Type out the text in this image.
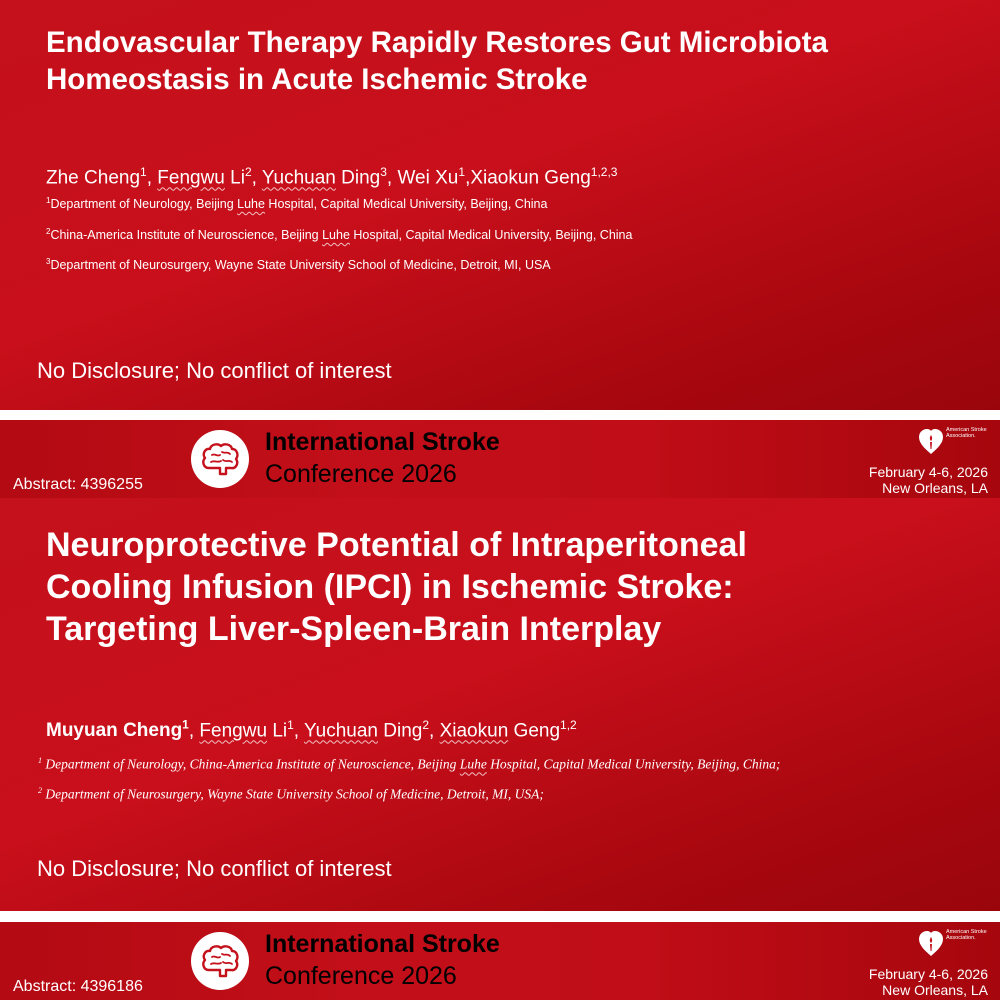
Endovascular Therapy Rapidly Restores Gut Microbiota
Homeostasis in Acute Ischemic Stroke
Zhe Cheng$^1$, Fengwu Li$^2$, Yuchuan Ding$^3$, Wei Xu$^1$,Xiaokun Geng$^{1,2,3}$
$^1$Department of Neurology, Beijing Luhe Hospital, Capital Medical University, Beijing, China
$^2$China-America Institute of Neuroscience, Beijing Luhe Hospital, Capital Medical University, Beijing, China
$^3$Department of Neurosurgery, Wayne State University School of Medicine, Detroit, MI, USA
No Disclosure; No conflict of interest
International Stroke
Conference 2026
Abstract: 4396255
American Stroke Association.
February 4-6, 2026
New Orleans, LA
Neuroprotective Potential of Intraperitoneal
Cooling Infusion (IPCI) in Ischemic Stroke:
Targeting Liver-Spleen-Brain Interplay
Muyuan Cheng$^1$, Fengwu Li$^1$, Yuchuan Ding$^2$, Xiaokun Geng$^{1,2}$
$^1$ Department of Neurology, China-America Institute of Neuroscience, Beijing Luhe Hospital, Capital Medical University, Beijing, China;
$^2$ Department of Neurosurgery, Wayne State University School of Medicine, Detroit, MI, USA;
No Disclosure; No conflict of interest
International Stroke
Conference 2026
Abstract: 4396186
American Stroke Association.
February 4-6, 2026
New Orleans, LA
